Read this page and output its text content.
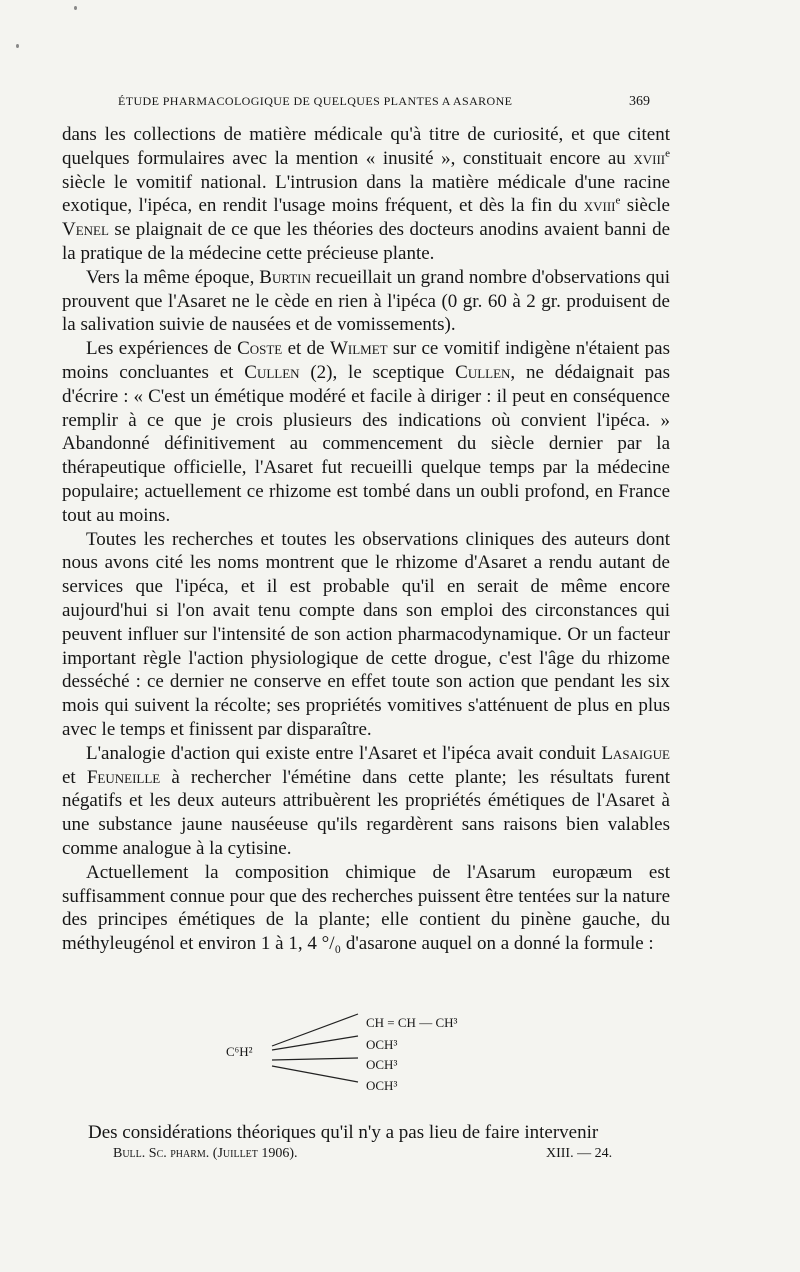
ÉTUDE PHARMACOLOGIQUE DE QUELQUES PLANTES A ASARONE	369

dans les collections de matière médicale qu'à titre de curiosité, et que citent quelques formulaires avec la mention « inusité », constituait encore au xviii$^e$ siècle le vomitif national. L'intrusion dans la matière médicale d'une racine exotique, l'ipéca, en rendit l'usage moins fréquent, et dès la fin du xviii$^e$ siècle Venel se plaignait de ce que les théories des docteurs anodins avaient banni de la pratique de la médecine cette précieuse plante.

Vers la même époque, Burtin recueillait un grand nombre d'observations qui prouvent que l'Asaret ne le cède en rien à l'ipéca (0 gr. 60 à 2 gr. produisent de la salivation suivie de nausées et de vomissements).

Les expériences de Coste et de Wilmet sur ce vomitif indigène n'étaient pas moins concluantes et Cullen (2), le sceptique Cullen, ne dédaignait pas d'écrire : « C'est un émétique modéré et facile à diriger : il peut en conséquence remplir à ce que je crois plusieurs des indications où convient l'ipéca. » Abandonné définitivement au commencement du siècle dernier par la thérapeutique officielle, l'Asaret fut recueilli quelque temps par la médecine populaire; actuellement ce rhizome est tombé dans un oubli profond, en France tout au moins.

Toutes les recherches et toutes les observations cliniques des auteurs dont nous avons cité les noms montrent que le rhizome d'Asaret a rendu autant de services que l'ipéca, et il est probable qu'il en serait de même encore aujourd'hui si l'on avait tenu compte dans son emploi des circonstances qui peuvent influer sur l'intensité de son action pharmacodynamique. Or un facteur important règle l'action physiologique de cette drogue, c'est l'âge du rhizome desséché : ce dernier ne conserve en effet toute son action que pendant les six mois qui suivent la récolte; ses propriétés vomitives s'atténuent de plus en plus avec le temps et finissent par disparaître.

L'analogie d'action qui existe entre l'Asaret et l'ipéca avait conduit Lasaigue et Feuneille à rechercher l'émétine dans cette plante; les résultats furent négatifs et les deux auteurs attribuèrent les propriétés émétiques de l'Asaret à une substance jaune nauséeuse qu'ils regardèrent sans raisons bien valables comme analogue à la cytisine.

Actuellement la composition chimique de l'Asarum europæum est suffisamment connue pour que des recherches puissent être tentées sur la nature des principes émétiques de la plante; elle contient du pinène gauche, du méthyleugénol et environ 1 à 1, 4 °/₀ d'asarone auquel on a donné la formule :

C⁶H²
CH = CH — CH³
OCH³
OCH³
OCH³
Des considérations théoriques qu'il n'y a pas lieu de faire intervenir
Bull. Sc. pharm. (Juillet 1906).	XIII. — 24.
